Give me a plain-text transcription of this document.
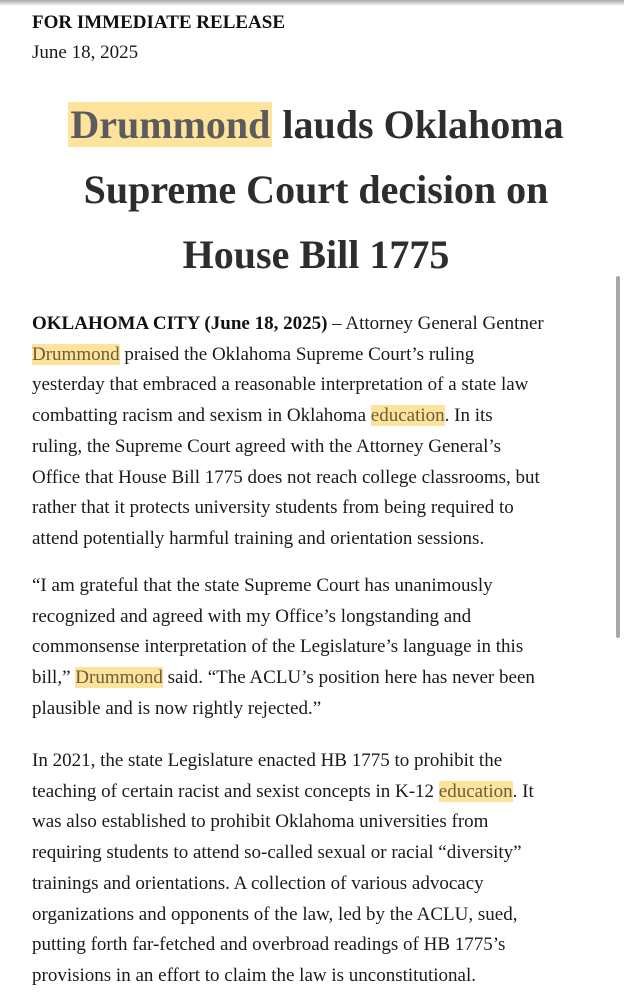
FOR IMMEDIATE RELEASE
June 18, 2025
Drummond lauds Oklahoma
Supreme Court decision on
House Bill 1775

OKLAHOMA CITY (June 18, 2025) – Attorney General Gentner
Drummond praised the Oklahoma Supreme Court’s ruling
yesterday that embraced a reasonable interpretation of a state law
combatting racism and sexism in Oklahoma education. In its
ruling, the Supreme Court agreed with the Attorney General’s
Office that House Bill 1775 does not reach college classrooms, but
rather that it protects university students from being required to
attend potentially harmful training and orientation sessions.

“I am grateful that the state Supreme Court has unanimously
recognized and agreed with my Office’s longstanding and
commonsense interpretation of the Legislature’s language in this
bill,” Drummond said. “The ACLU’s position here has never been
plausible and is now rightly rejected.”

In 2021, the state Legislature enacted HB 1775 to prohibit the
teaching of certain racist and sexist concepts in K-12 education. It
was also established to prohibit Oklahoma universities from
requiring students to attend so-called sexual or racial “diversity”
trainings and orientations. A collection of various advocacy
organizations and opponents of the law, led by the ACLU, sued,
putting forth far-fetched and overbroad readings of HB 1775’s
provisions in an effort to claim the law is unconstitutional.
